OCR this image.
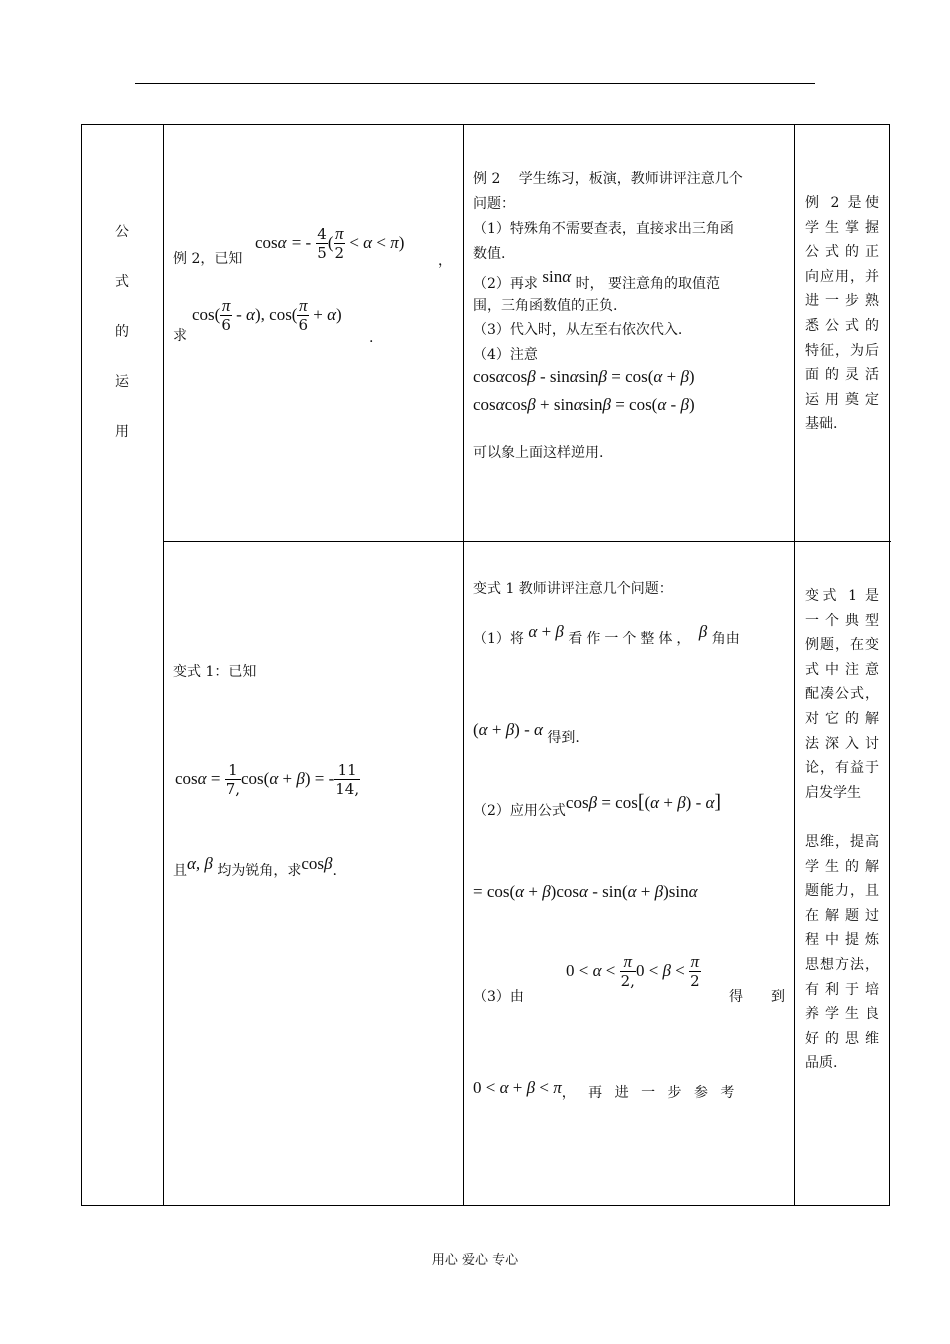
公
式
的
运
用
例 2，已知
cosα = - $\frac{4}{5}$ ( $\frac{\pi}{2} < \alpha < \pi$)
，
求
$\cos( \frac{\pi}{6} - \alpha)$, $\cos( \frac{\pi}{6} + \alpha)$
.
例 2　 学生练习，板演，教师讲评注意几个
问题：
（1）特殊角不需要查表，直接求出三角函
数值.
（2）再求 sinα 时， 要注意角的取值范
围，三角函数值的正负.
（3）代入时，从左至右依次代入.
（4）注意
cosαcosβ - sinαsinβ = cos(α + β)
cosαcosβ + sinαsinβ = cos(α - β)
可以象上面这样逆用.
例 2 是使
学生掌握
公式的正
向应用，并
进一步熟
悉公式的
特征，为后
面的灵活
运用奠定
基础.
变式 1：已知
$\cos\alpha = \frac{1}{7,} \cos(\alpha + \beta)$ = - $\frac{11}{14,}$
且α, β 均为锐角，求cosβ.
变式 1 教师讲评注意几个问题：
（1）将 α + β 看作一个整体， β 角由
(α + β) - α 得到.
（2）应用公式cosβ = cos[(α + β) - α]
= cos(α + β)cosα - sin(α + β)sinα
（3）由
$0 < \alpha < \frac{\pi}{2,} 0 < \beta < \frac{\pi}{2}$
得　　到
0 < α + β < π， 再 进 一 步 参 考
变式 1 是
一个典型
例题，在变
式中注意
配凑公式，
对它的解
法深入讨
论，有益于
启发学生
思维，提高
学生的解
题能力，且
在解题过
程中提炼
思想方法，
有利于培
养学生良
好的思维
品质.
用心 爱心 专心
